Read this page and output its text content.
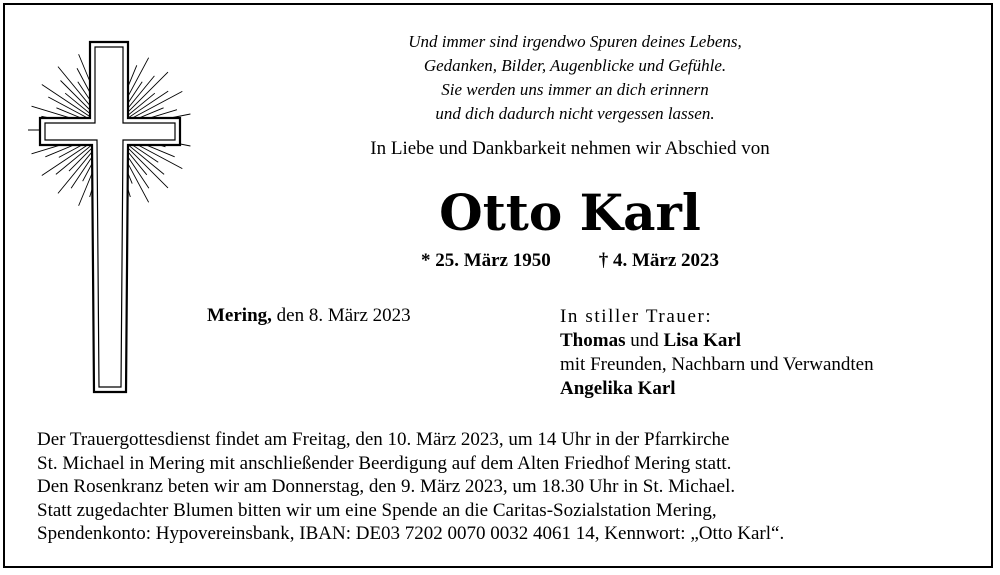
Und immer sind irgendwo Spuren deines Lebens,
Gedanken, Bilder, Augenblicke und Gefühle.
Sie werden uns immer an dich erinnern
und dich dadurch nicht vergessen lassen.
In Liebe und Dankbarkeit nehmen wir Abschied von
Otto Karl
* 25. März 1950	† 4. März 2023
Mering, den 8. März 2023	In stiller Trauer:
Thomas und Lisa Karl
mit Freunden, Nachbarn und Verwandten
Angelika Karl
Der Trauergottesdienst findet am Freitag, den 10. März 2023, um 14 Uhr in der Pfarrkirche
St. Michael in Mering mit anschließender Beerdigung auf dem Alten Friedhof Mering statt.
Den Rosenkranz beten wir am Donnerstag, den 9. März 2023, um 18.30 Uhr in St. Michael.
Statt zugedachter Blumen bitten wir um eine Spende an die Caritas-Sozialstation Mering,
Spendenkonto: Hypovereinsbank, IBAN: DE03 7202 0070 0032 4061 14, Kennwort: „Otto Karl“.
